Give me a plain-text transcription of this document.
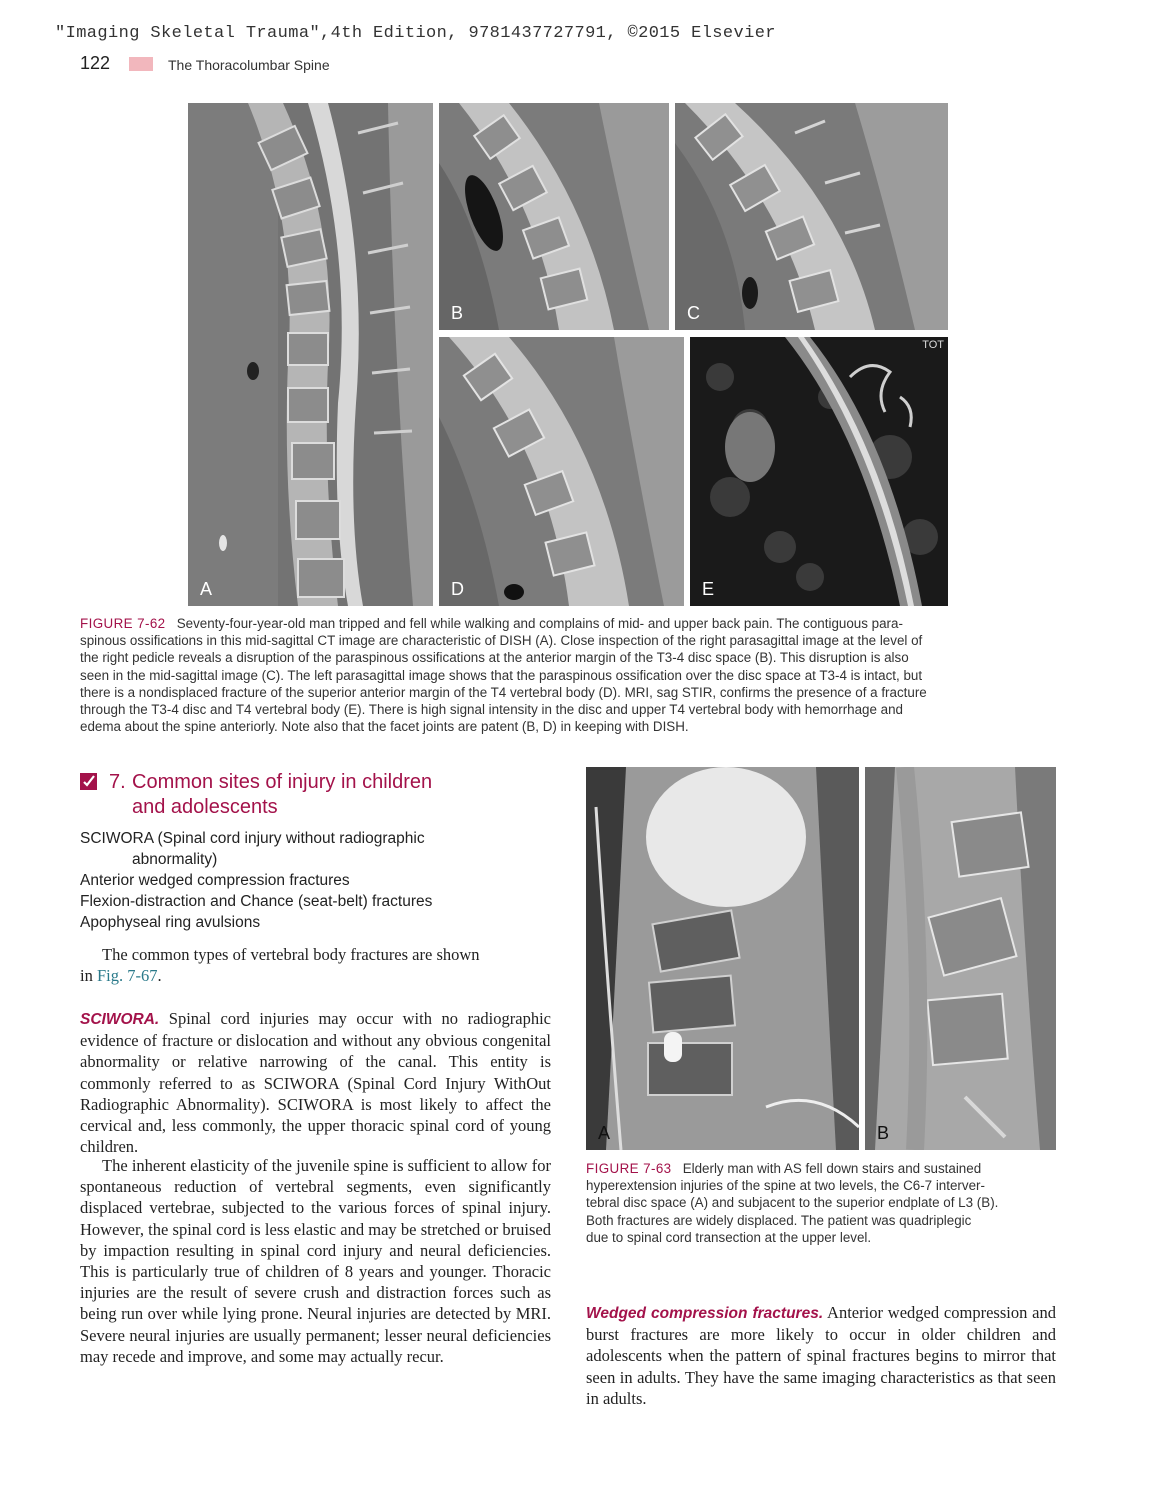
"Imaging Skeletal Trauma",4th Edition, 9781437727791, ©2015 Elsevier
122	The Thoracolumbar Spine
A
B	C
D
TOT
E
FIGURE 7-62 Seventy-four-year-old man tripped and fell while walking and complains of mid- and upper back pain. The contiguous para-
spinous ossifications in this mid-sagittal CT image are characteristic of DISH (A). Close inspection of the right parasagittal image at the level of
the right pedicle reveals a disruption of the paraspinous ossifications at the anterior margin of the T3-4 disc space (B). This disruption is also
seen in the mid-sagittal image (C). The left parasagittal image shows that the paraspinous ossification over the disc space at T3-4 is intact, but
there is a nondisplaced fracture of the superior anterior margin of the T4 vertebral body (D). MRI, sag STIR, confirms the presence of a fracture
through the T3-4 disc and T4 vertebral body (E). There is high signal intensity in the disc and upper T4 vertebral body with hemorrhage and
edema about the spine anteriorly. Note also that the facet joints are patent (B, D) in keeping with DISH.
7. Common sites of injury in children
and adolescents
SCIWORA (Spinal cord injury without radiographic
abnormality)
Anterior wedged compression fractures
Flexion-distraction and Chance (seat-belt) fractures
Apophyseal ring avulsions
The common types of vertebral body fractures are shown
in Fig. 7-67.
SCIWORA. Spinal cord injuries may occur with no radiographic evidence of fracture or dislocation and without any obvious congenital abnormality or relative narrowing of the canal. This entity is commonly referred to as SCIWORA (Spinal Cord Injury WithOut Radiographic Abnormality). SCIWORA is most likely to affect the cervical and, less commonly, the upper thoracic spinal cord of young children.
The inherent elasticity of the juvenile spine is sufficient to allow for spontaneous reduction of vertebral segments, even significantly displaced vertebrae, subjected to the various forces of spinal injury. However, the spinal cord is less elastic and may be stretched or bruised by impaction resulting in spinal cord injury and neural deficiencies. This is particularly true of children of 8 years and younger. Thoracic injuries are the result of severe crush and distraction forces such as being run over while lying prone. Neural injuries are detected by MRI. Severe neural injuries are usually permanent; lesser neural deficiencies may recede and improve, and some may actually recur.
A	B
FIGURE 7-63 Elderly man with AS fell down stairs and sustained
hyperextension injuries of the spine at two levels, the C6-7 interver-
tebral disc space (A) and subjacent to the superior endplate of L3 (B).
Both fractures are widely displaced. The patient was quadriplegic
due to spinal cord transection at the upper level.
Wedged compression fractures. Anterior wedged compression and burst fractures are more likely to occur in older children and adolescents when the pattern of spinal fractures begins to mirror that seen in adults. They have the same imaging characteristics as that seen in adults.
